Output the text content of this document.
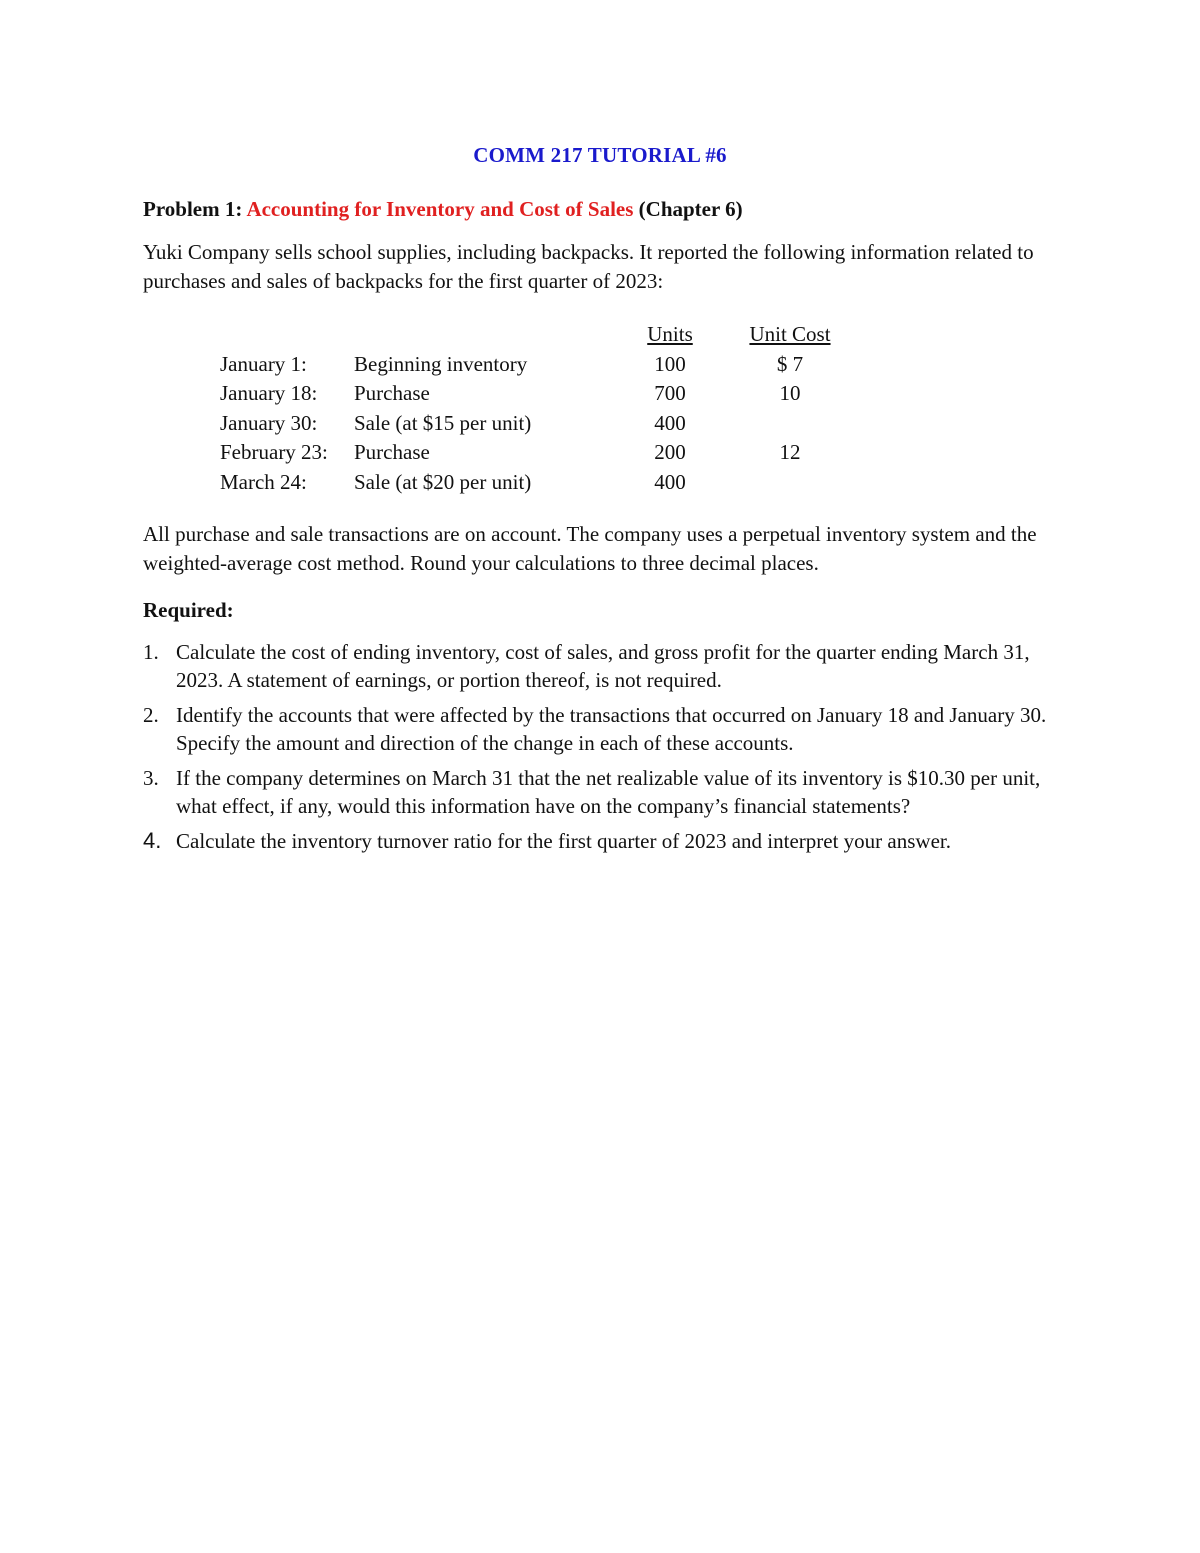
COMM 217 TUTORIAL #6
Problem 1: Accounting for Inventory and Cost of Sales (Chapter 6)
Yuki Company sells school supplies, including backpacks. It reported the following information related to purchases and sales of backpacks for the first quarter of 2023:
Units	Unit Cost
January 1: Beginning inventory	100	$ 7
January 18: Purchase	700	10
January 30: Sale (at $15 per unit)	400
February 23: Purchase	200	12
March 24: Sale (at $20 per unit)	400
All purchase and sale transactions are on account. The company uses a perpetual inventory system and the weighted-average cost method. Round your calculations to three decimal places.
Required:
1. Calculate the cost of ending inventory, cost of sales, and gross profit for the quarter ending March 31, 2023. A statement of earnings, or portion thereof, is not required.
2. Identify the accounts that were affected by the transactions that occurred on January 18 and January 30. Specify the amount and direction of the change in each of these accounts.
3. If the company determines on March 31 that the net realizable value of its inventory is $10.30 per unit, what effect, if any, would this information have on the company’s financial statements?
4. Calculate the inventory turnover ratio for the first quarter of 2023 and interpret your answer.
